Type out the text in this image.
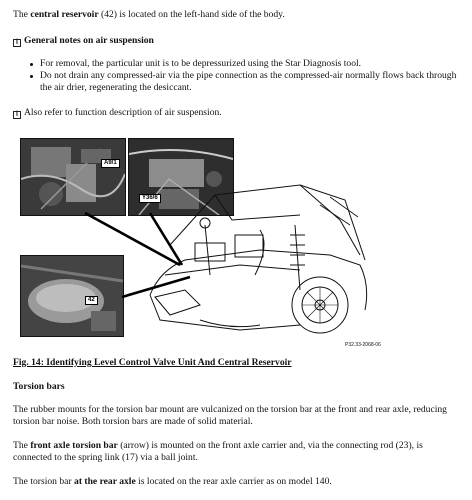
The central reservoir (42) is located on the left-hand side of the body.
iGeneral notes on air suspension
For removal, the particular unit is to be depressurized using the Star Diagnosis tool.
Do not drain any compressed-air via the pipe connection as the compressed-air normally flows back through the air drier, regenerating the desiccant.
iAlso refer to function description of air suspension.
A9/1
Y36/6
42
P32.33-2068-06
Fig. 14: Identifying Level Control Valve Unit And Central Reservoir
Torsion bars
The rubber mounts for the torsion bar mount are vulcanized on the torsion bar at the front and rear axle, reducing torsion bar noise. Both torsion bars are made of solid material.
The front axle torsion bar (arrow) is mounted on the front axle carrier and, via the connecting rod (23), is connected to the spring link (17) via a ball joint.
The torsion bar at the rear axle is located on the rear axle carrier as on model 140.
